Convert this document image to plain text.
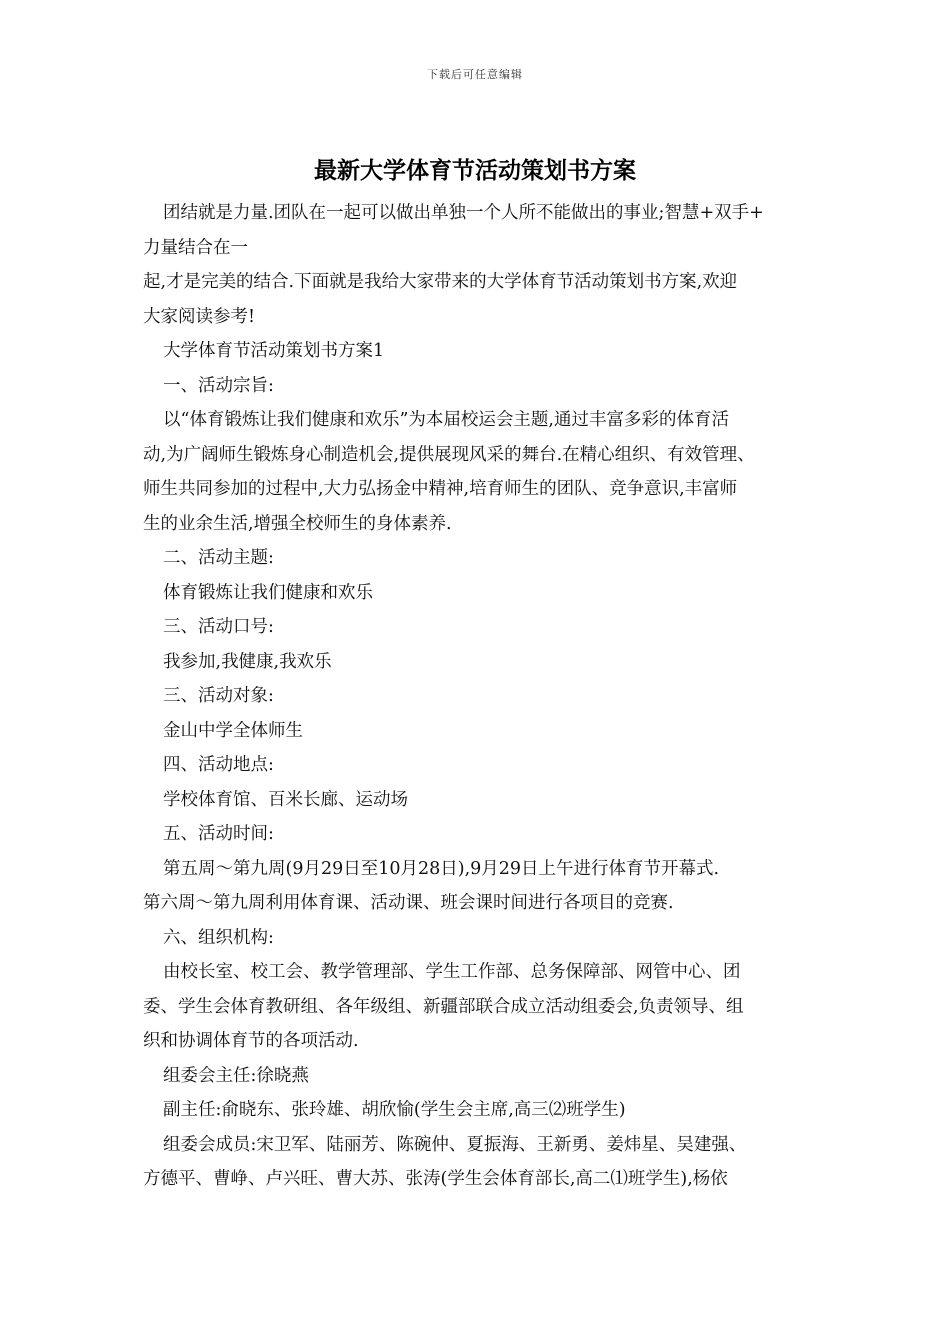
下载后可任意编辑
最新大学体育节活动策划书方案
团结就是力量.团队在一起可以做出单独一个人所不能做出的事业;智慧+双手+
力量结合在一
起,才是完美的结合.下面就是我给大家带来的大学体育节活动策划书方案,欢迎
大家阅读参考!
大学体育节活动策划书方案1
一、活动宗旨:
以“体育锻炼让我们健康和欢乐”为本届校运会主题,通过丰富多彩的体育活
动,为广阔师生锻炼身心制造机会,提供展现风采的舞台.在精心组织、有效管理、
师生共同参加的过程中,大力弘扬金中精神,培育师生的团队、竞争意识,丰富师
生的业余生活,增强全校师生的身体素养.
二、活动主题:
体育锻炼让我们健康和欢乐
三、活动口号:
我参加,我健康,我欢乐
三、活动对象:
金山中学全体师生
四、活动地点:
学校体育馆、百米长廊、运动场
五、活动时间:
第五周～第九周(9月29日至10月28日),9月29日上午进行体育节开幕式.
第六周～第九周利用体育课、活动课、班会课时间进行各项目的竞赛.
六、组织机构:
由校长室、校工会、教学管理部、学生工作部、总务保障部、网管中心、团
委、学生会体育教研组、各年级组、新疆部联合成立活动组委会,负责领导、组
织和协调体育节的各项活动.
组委会主任:徐晓燕
副主任:俞晓东、张玲雄、胡欣愉(学生会主席,高三⑵班学生)
组委会成员:宋卫军、陆丽芳、陈碗仲、夏振海、王新勇、姜炜星、吴建强、
方德平、曹峥、卢兴旺、曹大苏、张涛(学生会体育部长,高二⑴班学生),杨依
